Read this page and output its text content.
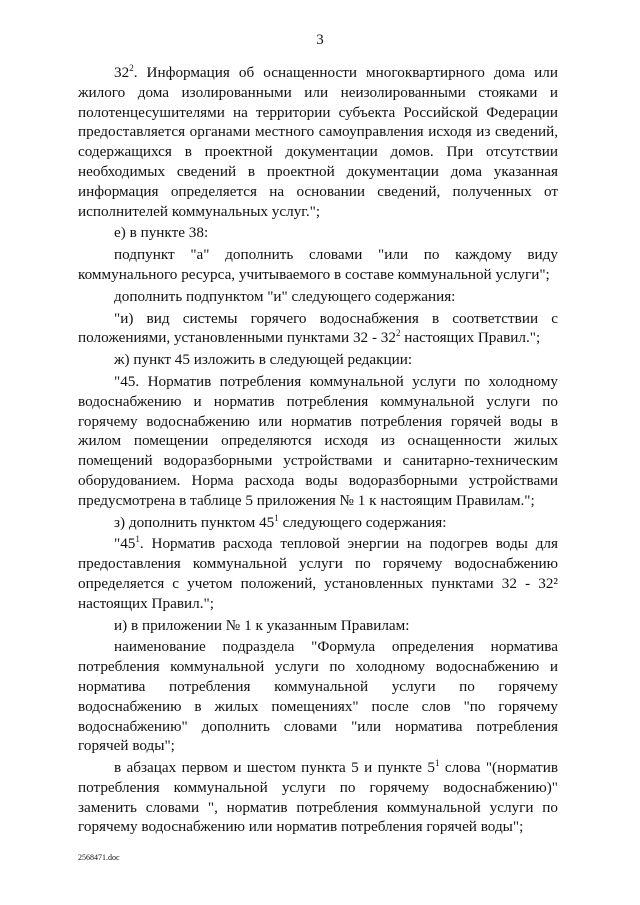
3

$32^2$. Информация об оснащенности многоквартирного дома или жилого дома изолированными или неизолированными стояками и полотенцесушителями на территории субъекта Российской Федерации предоставляется органами местного самоуправления исходя из сведений, содержащихся в проектной документации домов. При отсутствии необходимых сведений в проектной документации дома указанная информация определяется на основании сведений, полученных от исполнителей коммунальных услуг.";

е) в пункте 38:

подпункт "а" дополнить словами "или по каждому виду коммунального ресурса, учитываемого в составе коммунальной услуги";

дополнить подпунктом "и" следующего содержания:

"и) вид системы горячего водоснабжения в соответствии с положениями, установленными пунктами $32 - 32^2$ настоящих Правил.";

ж) пункт 45 изложить в следующей редакции:

"45. Норматив потребления коммунальной услуги по холодному водоснабжению и норматив потребления коммунальной услуги по горячему водоснабжению или норматив потребления горячей воды в жилом помещении определяются исходя из оснащенности жилых помещений водоразборными устройствами и санитарно-техническим оборудованием. Норма расхода воды водоразборными устройствами предусмотрена в таблице 5 приложения № 1 к настоящим Правилам.";

з) дополнить пунктом $45^1$ следующего содержания:

"$45^1$. Норматив расхода тепловой энергии на подогрев воды для предоставления коммунальной услуги по горячему водоснабжению определяется с учетом положений, установленных пунктами 32 - 32² настоящих Правил.";

и) в приложении № 1 к указанным Правилам:

наименование подраздела "Формула определения норматива потребления коммунальной услуги по холодному водоснабжению и норматива потребления коммунальной услуги по горячему водоснабжению в жилых помещениях" после слов "по горячему водоснабжению" дополнить словами "или норматива потребления горячей воды";

в абзацах первом и шестом пункта 5 и пункте $5^1$ слова "(норматив потребления коммунальной услуги по горячему водоснабжению)" заменить словами ", норматив потребления коммунальной услуги по горячему водоснабжению или норматив потребления горячей воды";

2568471.doc
